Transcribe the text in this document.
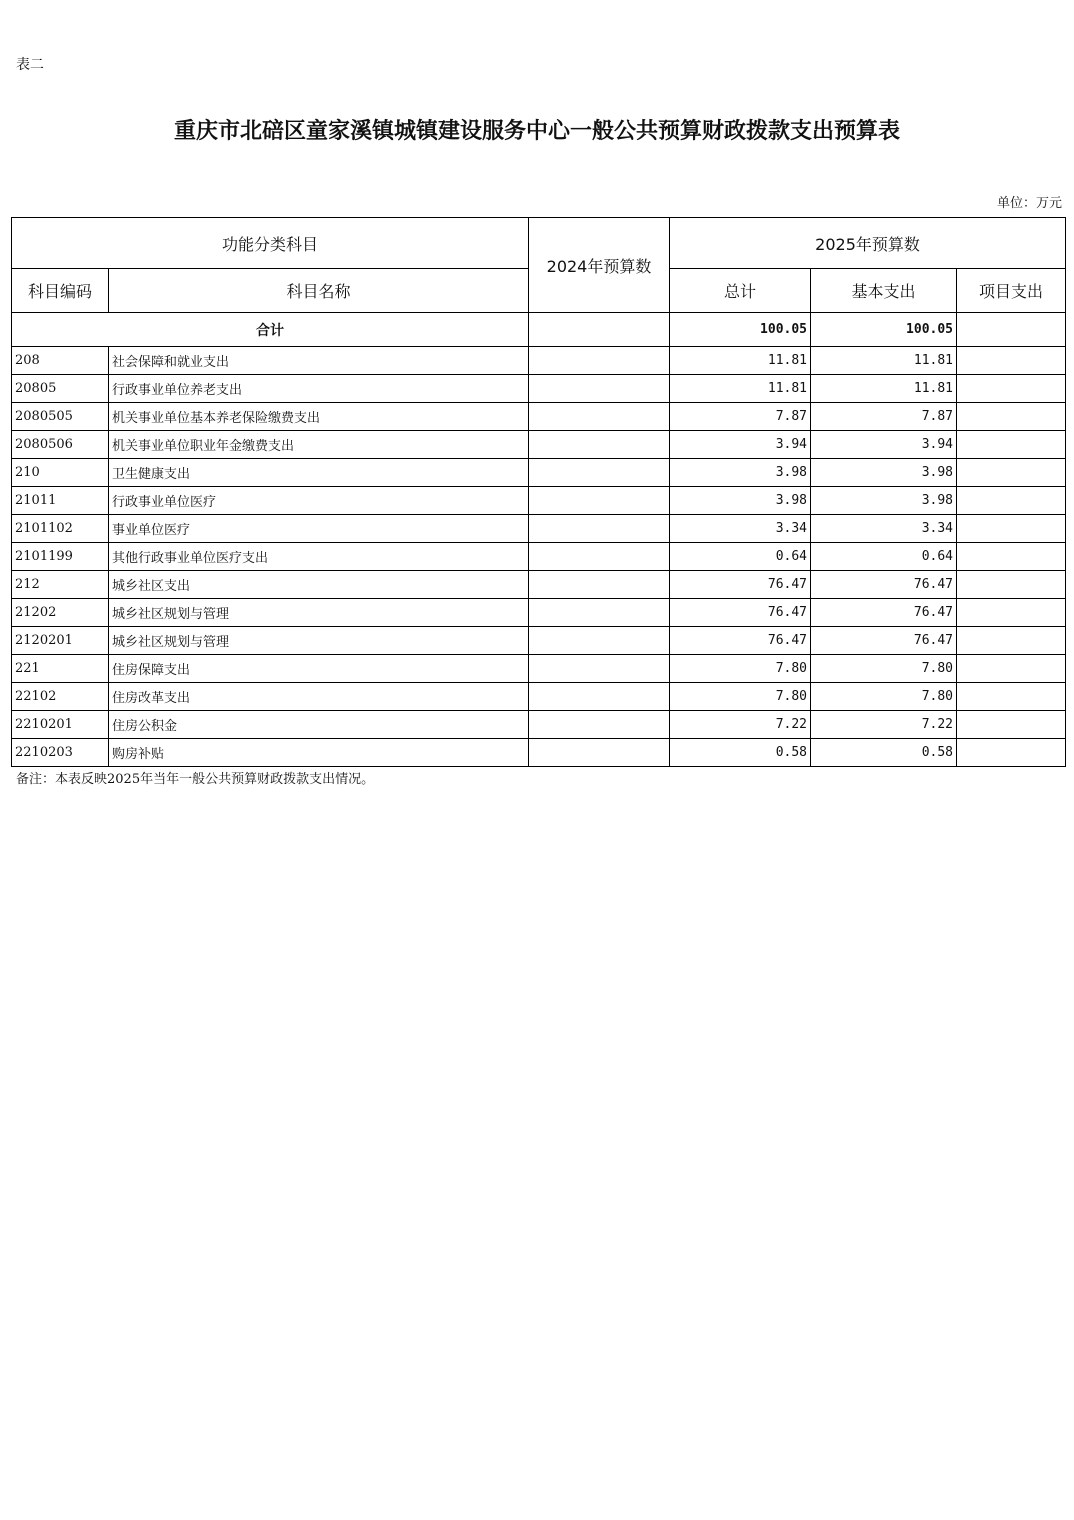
表二
重庆市北碚区童家溪镇城镇建设服务中心一般公共预算财政拨款支出预算表
单位：万元
功能分类科目		2024年预算数	2025年预算数		
科目编码	科目名称		总计	基本支出	项目支出
合计			100.05	100.05	
208	社会保障和就业支出		11.81	11.81	
20805	行政事业单位养老支出		11.81	11.81	
2080505	机关事业单位基本养老保险缴费支出		7.87	7.87	
2080506	机关事业单位职业年金缴费支出		3.94	3.94	
210	卫生健康支出		3.98	3.98	
21011	行政事业单位医疗		3.98	3.98	
2101102	事业单位医疗		3.34	3.34	
2101199	其他行政事业单位医疗支出		0.64	0.64	
212	城乡社区支出		76.47	76.47	
21202	城乡社区规划与管理		76.47	76.47	
2120201	城乡社区规划与管理		76.47	76.47	
221	住房保障支出		7.80	7.80	
22102	住房改革支出		7.80	7.80	
2210201	住房公积金		7.22	7.22	
2210203	购房补贴		0.58	0.58	
备注：本表反映2025年当年一般公共预算财政拨款支出情况。
